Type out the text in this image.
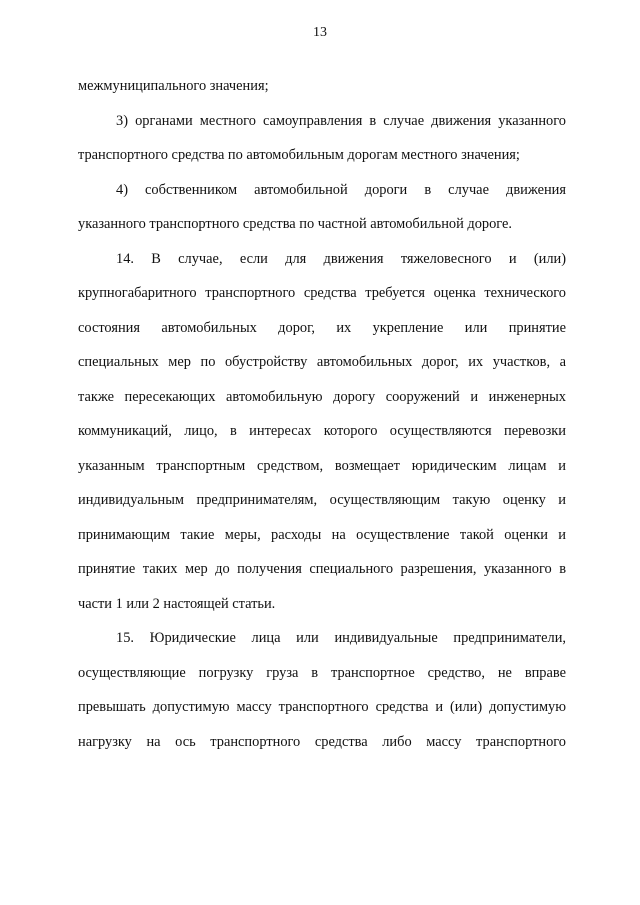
13
межмуниципального значения;
3) органами местного самоуправления в случае движения указанного
транспортного средства по автомобильным дорогам местного значения;
4) собственником автомобильной дороги в случае движения
указанного транспортного средства по частной автомобильной дороге.
14. В случае, если для движения тяжеловесного и (или)
крупногабаритного транспортного средства требуется оценка технического
состояния автомобильных дорог, их укрепление или принятие
специальных мер по обустройству автомобильных дорог, их участков, а
также пересекающих автомобильную дорогу сооружений и инженерных
коммуникаций, лицо, в интересах которого осуществляются перевозки
указанным транспортным средством, возмещает юридическим лицам и
индивидуальным предпринимателям, осуществляющим такую оценку и
принимающим такие меры, расходы на осуществление такой оценки и
принятие таких мер до получения специального разрешения, указанного в
части 1 или 2 настоящей статьи.
15. Юридические лица или индивидуальные предприниматели,
осуществляющие погрузку груза в транспортное средство, не вправе
превышать допустимую массу транспортного средства и (или) допустимую
нагрузку на ось транспортного средства либо массу транспортного
